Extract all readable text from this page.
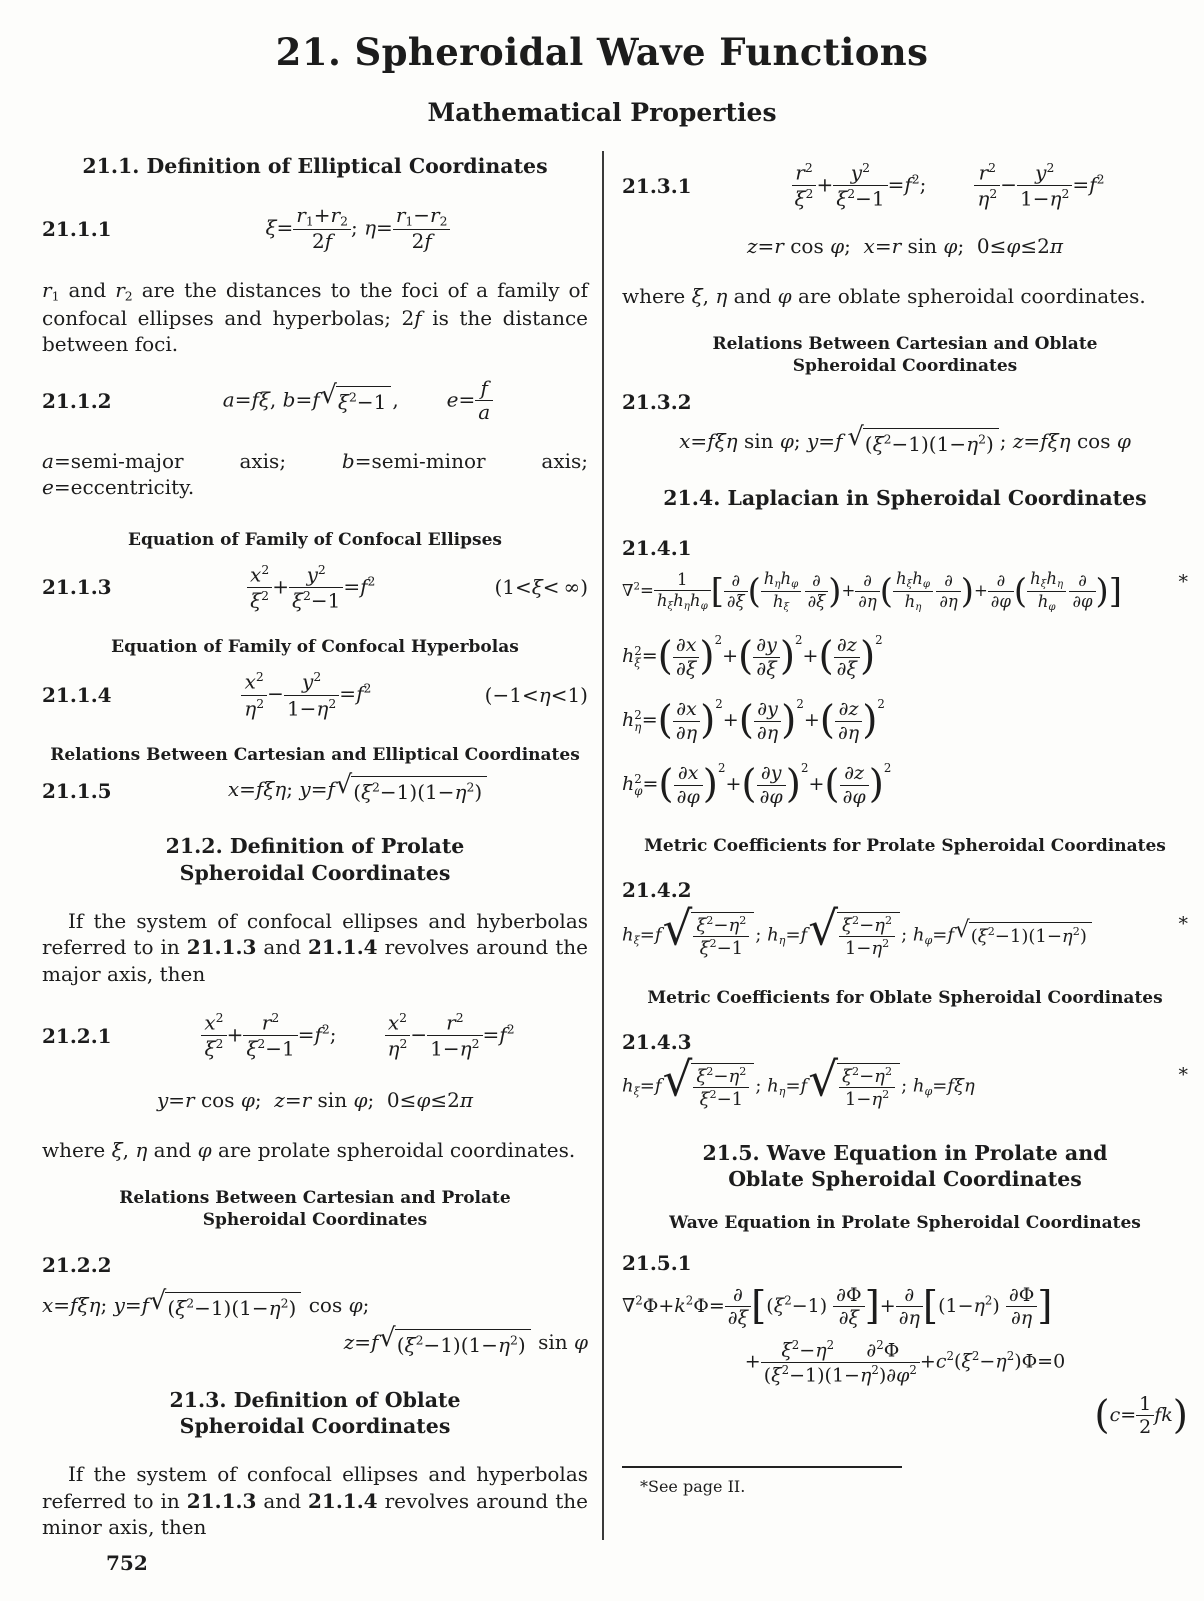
21. Spheroidal Wave Functions
Mathematical Properties
21.1. Definition of Elliptical Coordinates
21.1.1	$\xi= \frac{r_1+r_2}{2f}$ ; $\eta= \frac{r_1-r_2}{2f}$
$r_1$ and $r_2$ are the distances to the foci of a family of confocal ellipses and hyperbolas; 2f is the distance between foci.
21.1.2	a=fξ, b=f √ $\xi^2-1$ , $e= \frac{f}{a}$
a=semi-major axis; b=semi-minor axis; e=eccentricity.
Equation of Family of Confocal Ellipses
21.1.3	$\frac{x^2}{\xi^2} + \frac{y^2}{\xi^2-1} =f^2$	(1<ξ< ∞)
Equation of Family of Confocal Hyperbolas
21.1.4	$\frac{x^2}{\eta^2} - \frac{y^2}{1-\eta^2} =f^2$	(−1<η<1)
Relations Between Cartesian and Elliptical Coordinates
21.1.5	x=fξη; y=f √ $(\xi^2-1)(1-\eta^2)$
21.2. Definition of Prolate Spheroidal Coordinates
If the system of confocal ellipses and hyberbolas referred to in 21.1.3 and 21.1.4 revolves around the major axis, then
21.2.1	$\frac{x^2}{\xi^2} + \frac{r^2}{\xi^2-1} =f^2$; $\frac{x^2}{\eta^2} - \frac{r^2}{1-\eta^2} =f^2$
y=r cos φ;  z=r sin φ;  0≤φ≤2π
where ξ, η and φ are prolate spheroidal coordinates.
Relations Between Cartesian and Prolate Spheroidal Coordinates
21.2.2
x=fξη; y=f √ $(\xi^2-1)(1-\eta^2)$ cos φ;
z=f √ $(\xi^2-1)(1-\eta^2)$ sin φ
21.3. Definition of Oblate Spheroidal Coordinates
If the system of confocal ellipses and hyperbolas referred to in 21.1.3 and 21.1.4 revolves around the minor axis, then
21.3.1	$\frac{r^2}{\xi^2} + \frac{y^2}{\xi^2-1} =f^2$; $\frac{r^2}{\eta^2} - \frac{y^2}{1-\eta^2} =f^2$
z=r cos φ;  x=r sin φ;  0≤φ≤2π
where ξ, η and φ are oblate spheroidal coordinates.
Relations Between Cartesian and Oblate Spheroidal Coordinates
21.3.2
x=fξη sin φ; y=f  √ $(\xi^2-1)(1-\eta^2)$ ; z=fξη cos φ
21.4. Laplacian in Spheroidal Coordinates
21.4.1
$\nabla^2= \frac{1}{h_\xi h_\eta h_\varphi}$ [ $\frac{\partial}{\partial\xi}$ ( $\frac{h_\eta h_\varphi}{h_\xi}$
  $\frac{\partial}{\partial\xi}$ )+ $\frac{\partial}{\partial\eta}$ ( $\frac{h_\xi h_\varphi}{h_\eta}$
  $\frac{\partial}{\partial\eta}$ )+ $\frac{\partial}{\partial\varphi}$ ( $\frac{h_\xi h_\eta}{h_\varphi}$
  $\frac{\partial}{\partial\varphi}$ )]	*
h 2
ξ =( $\frac{\partial x}{\partial\xi} )^2+( \frac{\partial y}{\partial\xi} )^2+( \frac{\partial z}{\partial\xi} )^2$
h 2
η =( $\frac{\partial x}{\partial\eta} )^2+( \frac{\partial y}{\partial\eta} )^2+( \frac{\partial z}{\partial\eta} )^2$
h 2
φ =( $\frac{\partial x}{\partial\varphi} )^2+( \frac{\partial y}{\partial\varphi} )^2+( \frac{\partial z}{\partial\varphi} )^2$
Metric Coefficients for Prolate Spheroidal Coordinates
21.4.2
$h_\xi=f$ √ $\frac{\xi^2-\eta^2}{\xi^2-1}$ ; $h_\eta=f$ √ $\frac{\xi^2-\eta^2}{1-\eta^2}$ ; $h_\varphi=f$ √ $(\xi^2-1)(1-\eta^2)$
*
Metric Coefficients for Oblate Spheroidal Coordinates
21.4.3
$h_\xi=f$ √ $\frac{\xi^2-\eta^2}{\xi^2-1}$ ; $h_\eta=f$ √ $\frac{\xi^2-\eta^2}{1-\eta^2}$ ; $h_\varphi=f\xi\eta$	*
21.5. Wave Equation in Prolate and Oblate Spheroidal Coordinates
Wave Equation in Prolate Spheroidal Coordinates
21.5.1
$\nabla^2\Phi+k^2\Phi= \frac{\partial}{\partial\xi} [(\xi^2-1) \frac{\partial\Phi}{\partial\xi}$ ]+ $\frac{\partial}{\partial\eta} [(1-\eta^2) \frac{\partial\Phi}{\partial\eta}$ ]
+ $\frac{\xi^2-\eta^2 \partial^2\Phi}{(\xi^2-1)(1-\eta^2)\partial\varphi^2} +c^2(\xi^2-\eta^2)\Phi=0$
$(c= \frac{1}{2} fk)$
*See page II.
752
